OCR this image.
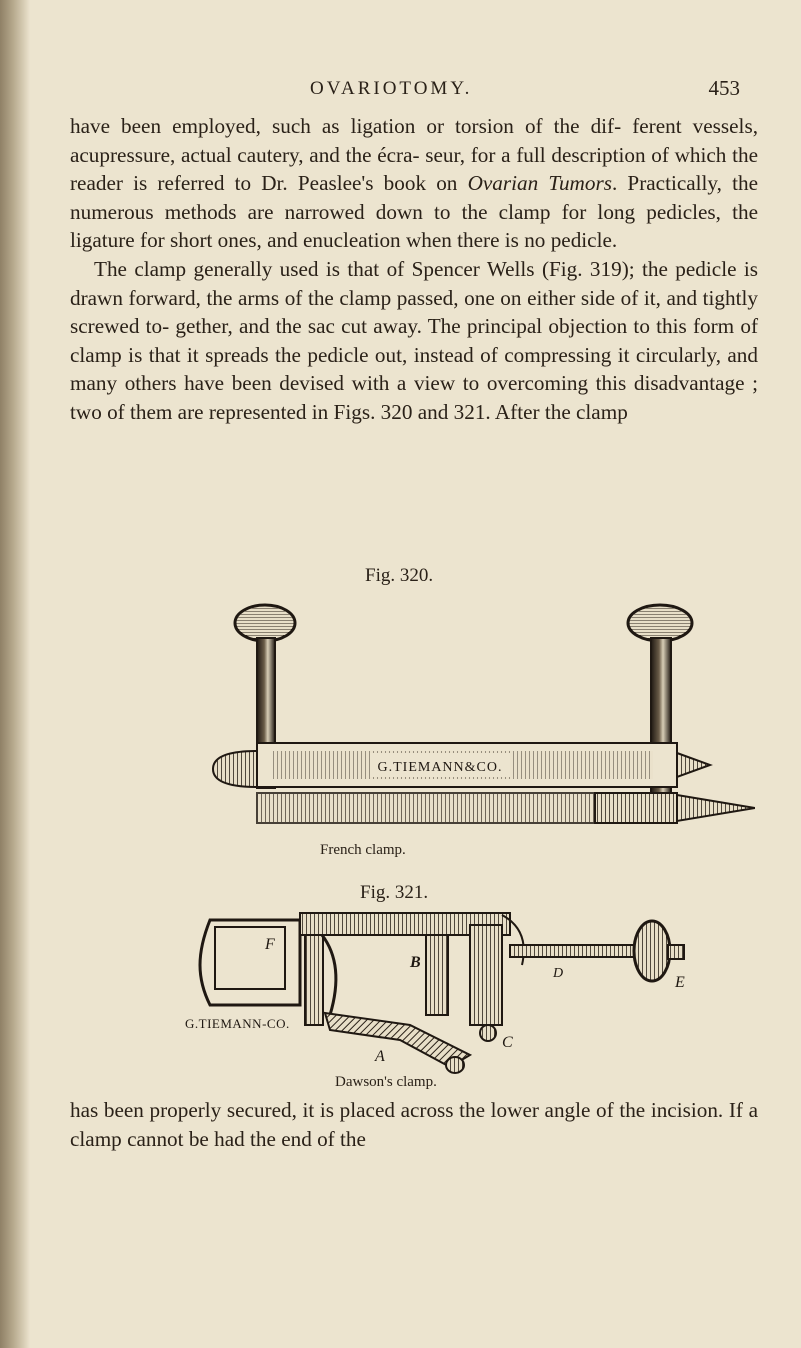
OVARIOTOMY.	453

have been employed, such as ligation or torsion of the dif- ferent vessels, acupressure, actual cautery, and the écra- seur, for a full description of which the reader is referred to Dr. Peaslee's book on Ovarian Tumors. Practically, the numerous methods are narrowed down to the clamp for long pedicles, the ligature for short ones, and enucleation when there is no pedicle.

The clamp generally used is that of Spencer Wells (Fig. 319); the pedicle is drawn forward, the arms of the clamp passed, one on either side of it, and tightly screwed to- gether, and the sac cut away. The principal objection to this form of clamp is that it spreads the pedicle out, instead of compressing it circularly, and many others have been devised with a view to overcoming this disadvantage ; two of them are represented in Figs. 320 and 321. After the clamp

Fig. 320.
G.TIEMANN&CO.
French clamp.
Fig. 321.
F
B
D
E
C
A
G.TIEMANN-CO.
Dawson's clamp.

has been properly secured, it is placed across the lower angle of the incision. If a clamp cannot be had the end of the
